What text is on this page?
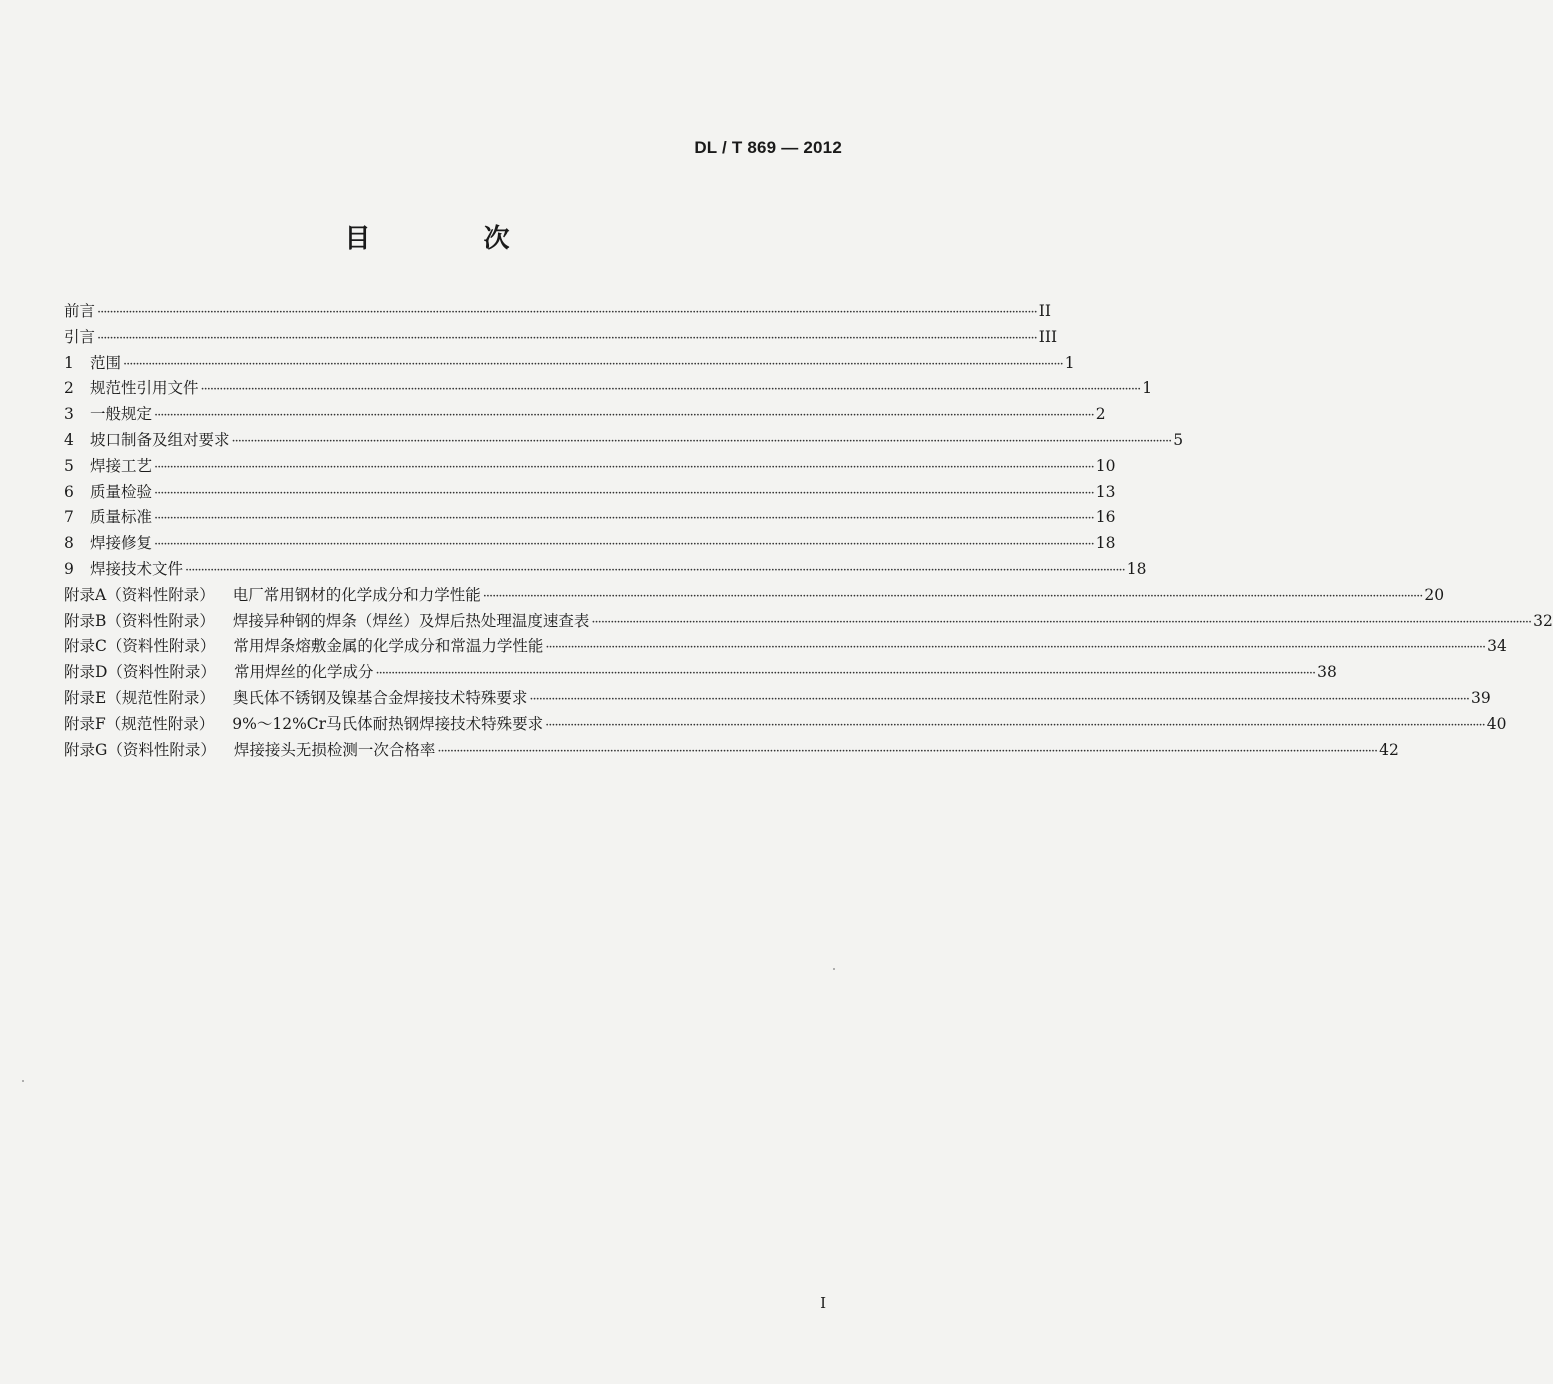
DL / T 869 — 2012
目 次
前言 ············································································································································································································································································································ II
引言 ············································································································································································································································································································ III
1	范围 ············································································································································································································································································································ 1
2	规范性引用文件 ············································································································································································································································································································ 1
3	一般规定 ············································································································································································································································································································ 2
4	坡口制备及组对要求 ············································································································································································································································································································ 5
5	焊接工艺 ············································································································································································································································································································ 10
6	质量检验 ············································································································································································································································································································ 13
7	质量标准 ············································································································································································································································································································ 16
8	焊接修复 ············································································································································································································································································································ 18
9	焊接技术文件 ············································································································································································································································································································ 18
附录A（资料性附录） 电厂常用钢材的化学成分和力学性能 ············································································································································································································································································································ 20
附录B（资料性附录） 焊接异种钢的焊条（焊丝）及焊后热处理温度速查表 ············································································································································································································································································································ 32
附录C（资料性附录） 常用焊条熔敷金属的化学成分和常温力学性能 ············································································································································································································································································································ 34
附录D（资料性附录） 常用焊丝的化学成分 ············································································································································································································································································································ 38
附录E（规范性附录） 奥氏体不锈钢及镍基合金焊接技术特殊要求 ············································································································································································································································································································ 39
附录F（规范性附录） 9%～12%Cr马氏体耐热钢焊接技术特殊要求 ············································································································································································································································································································ 40
附录G（资料性附录） 焊接接头无损检测一次合格率 ············································································································································································································································································································ 42
I
